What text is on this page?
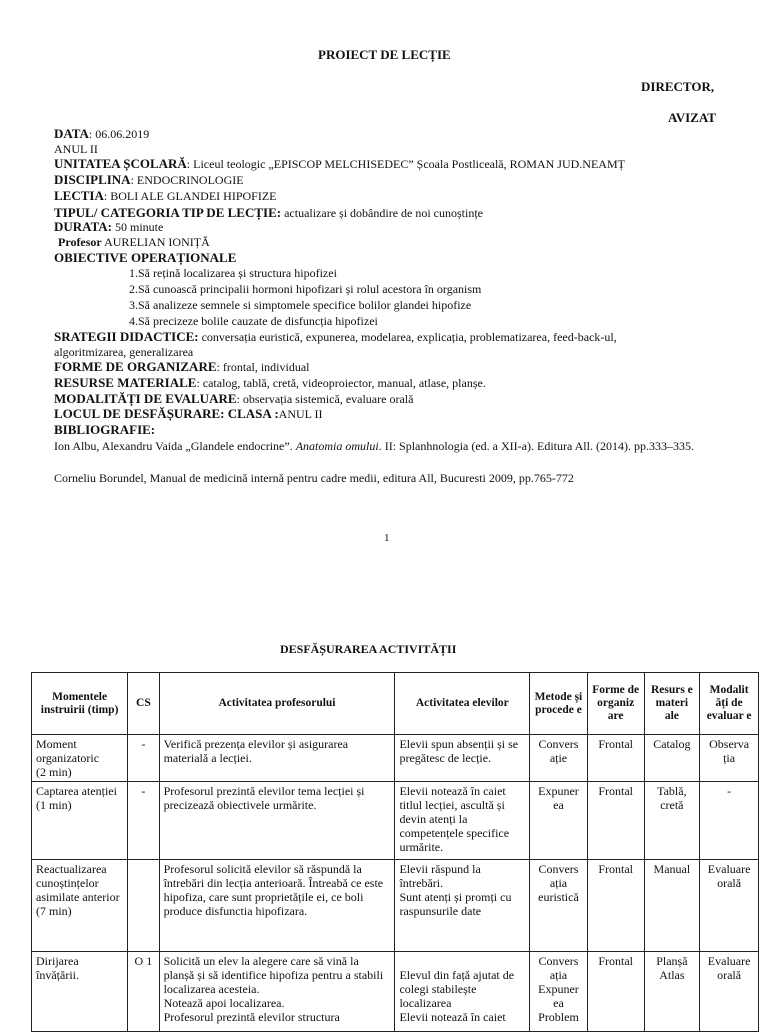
PROIECT DE LECȚIE
DIRECTOR,
AVIZAT
DATA: 06.06.2019
ANUL II
UNITATEA ȘCOLARĂ: Liceul teologic „EPISCOP MELCHISEDEC” Școala Postliceală, ROMAN JUD.NEAMȚ
DISCIPLINA: ENDOCRINOLOGIE
LECTIA: BOLI ALE GLANDEI HIPOFIZE
TIPUL/ CATEGORIA TIP DE LECȚIE: actualizare și dobândire de noi cunoștințe
DURATA: 50 minute
Profesor AURELIAN IONIȚĂ
OBIECTIVE OPERAȚIONALE
1.Să rețină localizarea și structura hipofizei
2.Să cunoască principalii hormoni hipofizari și rolul acestora în organism
3.Să analizeze semnele si simptomele specifice bolilor glandei hipofize
4.Să precizeze bolile cauzate de disfuncția hipofizei
SRATEGII DIDACTICE: conversația euristică, expunerea, modelarea, explicația, problematizarea, feed-back-ul,
algoritmizarea, generalizarea
FORME DE ORGANIZARE: frontal, individual
RESURSE MATERIALE: catalog, tablă, cretă, videoproiector, manual, atlase, planșe.
MODALITĂȚI DE EVALUARE: observația sistemică, evaluare orală
LOCUL DE DESFĂȘURARE: CLASA :ANUL II
BIBLIOGRAFIE:
Ion Albu, Alexandru Vaida „Glandele endocrine”. Anatomia omului. II: Splanhnologia (ed. a XII-a). Editura All. (2014). pp.333–335.
Corneliu Borundel, Manual de medicină internă pentru cadre medii, editura All, Bucuresti 2009, pp.765-772
1
DESFĂȘURAREA ACTIVITĂȚII
Momentele instruirii (timp)	CS	Activitatea profesorului	Activitatea elevilor	Metode și procede e	Forme de organiz are	Resurs e materi ale	Modalit ăți de evaluar e
Moment organizatoric
(2 min)	-	Verifică prezența elevilor și asigurarea materială a lecției.	Elevii spun absenții și se pregătesc de lecție.	Convers ație	Frontal	Catalog	Observa ția
Captarea atenției
(1 min)	-	Profesorul prezintă elevilor tema lecției și precizează obiectivele urmărite.	Elevii notează în caiet titlul lecției, ascultă și devin atenți la competențele specifice urmărite.	Expuner ea	Frontal	Tablă, cretă	-
Reactualizarea cunoștințelor asimilate anterior
(7 min)		Profesorul solicită elevilor să răspundă la întrebări din lecția anterioară. Întreabă ce este hipofiza, care sunt proprietățile ei, ce boli produce disfunctia hipofizara.	Elevii răspund la întrebări.
Sunt atenți și promți cu raspunsurile date	Convers ația euristică	Frontal	Manual	Evaluare orală
Dirijarea învățării.	O 1	Solicită un elev la alegere care să vină la planșă și să identifice hipofiza pentru a stabili localizarea acesteia.
Notează apoi localizarea.
Profesorul prezintă elevilor structura	
Elevul din față ajutat de colegi stabilește localizarea
Elevii notează în caiet	Convers ația Expuner ea Problem	Frontal	Planșă Atlas	Evaluare orală
